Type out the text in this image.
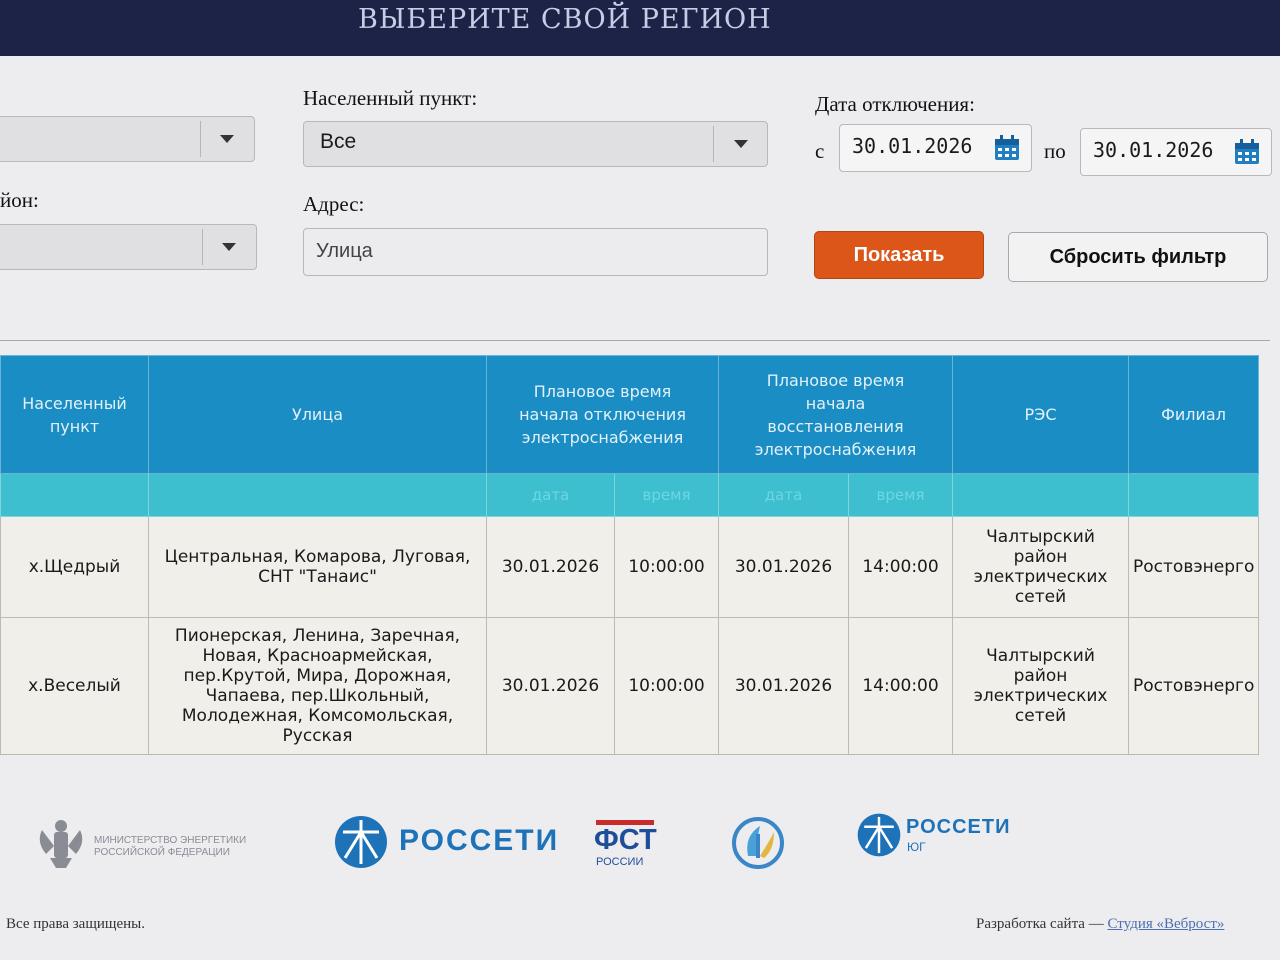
ВЫБЕРИТЕ СВОЙ РЕГИОН
йон:
Населенный пункт:
Все
Адрес:
Улица
Дата отключения:
с 30.01.2026	по 30.01.2026
Показать	Сбросить фильтр
Населенный пункт	Улица	Плановое время начала отключения электроснабжения		Плановое время начала восстановления электроснабжения		РЭС	Филиал
		дата	время	дата	время		
х.Щедрый	Центральная, Комарова, Луговая, СНТ "Танаис"	30.01.2026	10:00:00	30.01.2026	14:00:00	Чалтырский район электрических сетей	Ростовэнерго
х.Веселый	Пионерская, Ленина, Заречная, Новая, Красноармейская, пер.Крутой, Мира, Дорожная, Чапаева, пер.Школьный, Молодежная, Комсомольская, Русская	30.01.2026	10:00:00	30.01.2026	14:00:00	Чалтырский район электрических сетей	Ростовэнерго
МИНИСТЕРСТВО ЭНЕРГЕТИКИ
РОССИЙСКОЙ ФЕДЕРАЦИИ	РОССЕТИ ФСТ
РОССИИ
РОССЕТИ
ЮГ
Все права защищены.	Разработка сайта — Студия «Веброст»
